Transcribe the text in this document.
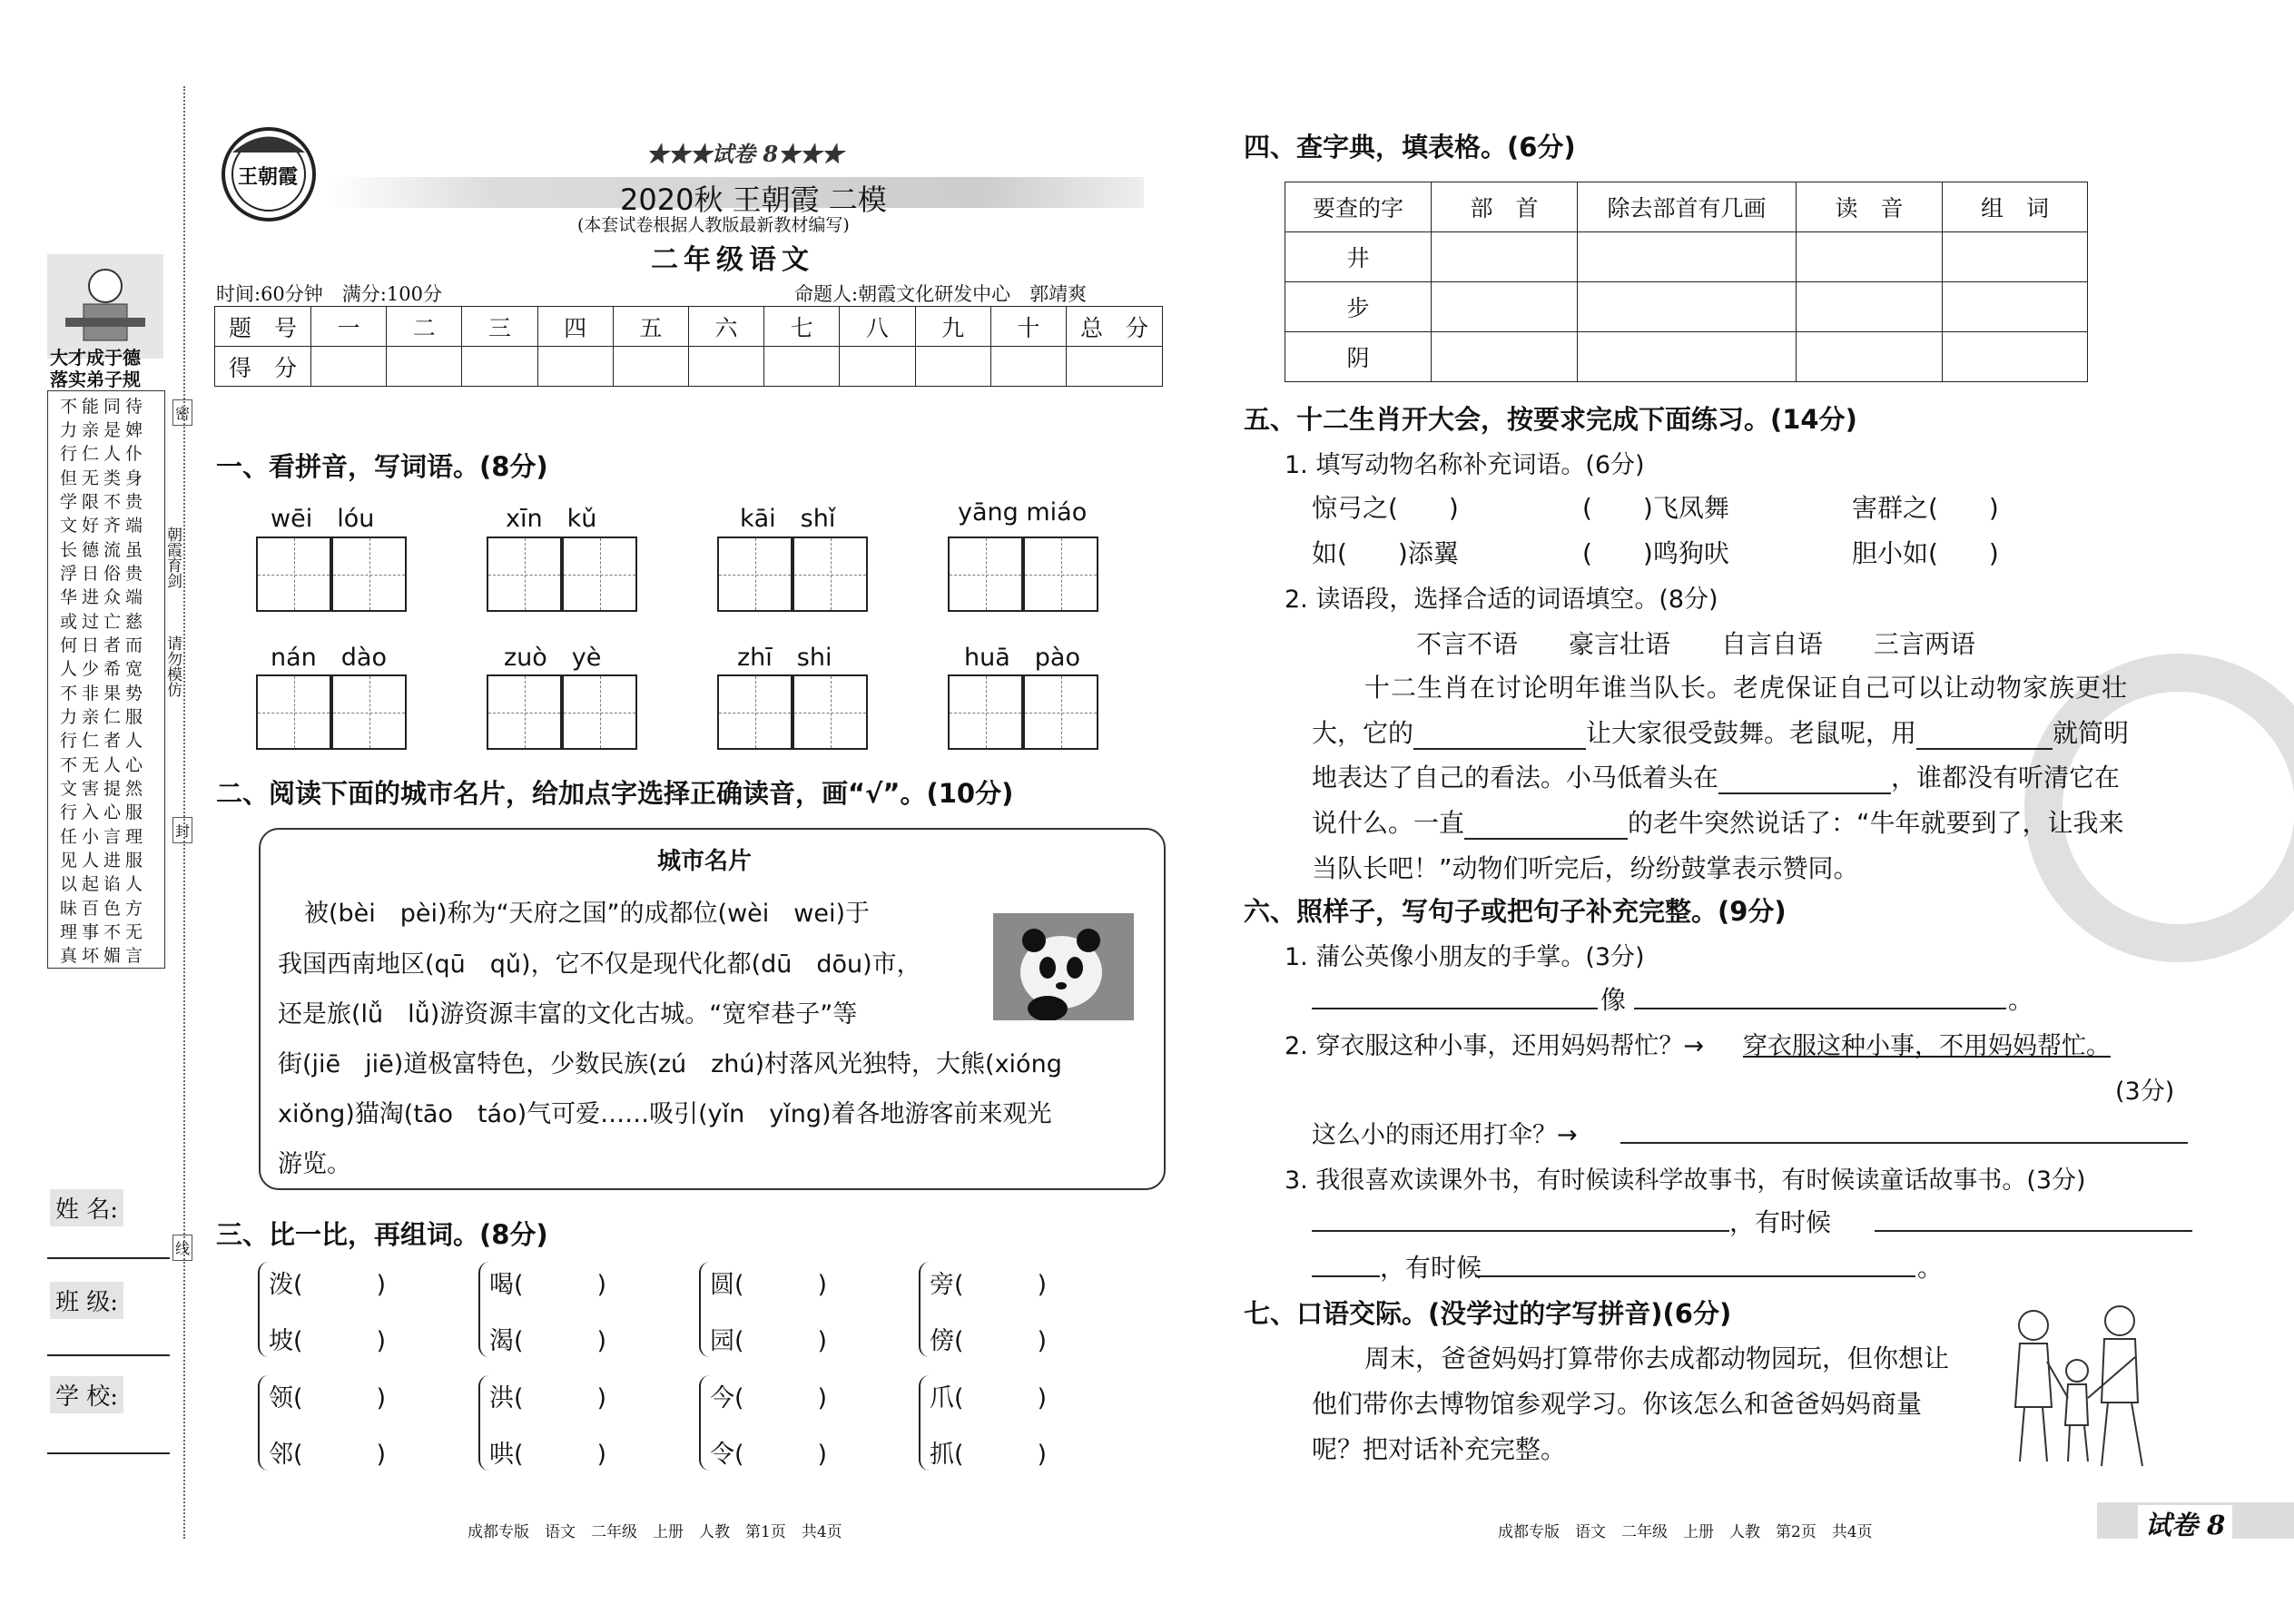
大才成于德
落实弟子规
不能同待
力亲是婢
行仁人仆
但无类身
学限不贵
文好齐端
长德流虽
浮日俗贵
华进众端
或过亡慈
何日者而
人少希宽
不非果势
力亲仁服
行仁者人
不无人心
文害提然
行入心服
任小言理
见人进服
以起谄人
昧百色方
理事不无
真坏媚言
朝霞育剑
请勿模仿
密
封
线
姓 名:
班 级:
学 校:
王朝霞
★★★试卷 8★★★
2020秋 王朝霞 二模
(本套试卷根据人教版最新教材编写)
二年级语文
时间:60分钟　满分:100分	命题人:朝霞文化研发中心　郭靖爽
题　号	一	二	三	四	五	六	七	八	九	十	总　分
得　分											
一、看拼音，写词语。(8分)
wēi　lóu	xīn　kǔ	kāi　shǐ	yāng miáo
nán　dào	zuò　yè	zhī　shi	huā　pào
二、阅读下面的城市名片，给加点字选择正确读音，画“√”。(10分)
城市名片
　被(bèi　pèi)称为“天府之国”的成都位(wèi　wei)于
我国西南地区(qū　qǔ)，它不仅是现代化都(dū　dōu)市，
还是旅(lǚ　lǚ)游资源丰富的文化古城。“宽窄巷子”等
街(jiē　jiē)道极富特色，少数民族(zú　zhú)村落风光独特，大熊(xióng
xiǒng)猫淘(tāo　táo)气可爱……吸引(yǐn　yǐng)着各地游客前来观光
游览。
三、比一比，再组词。(8分)
泼(　　　)
坡(　　　)
喝(　　　)
渴(　　　)
圆(　　　)
园(　　　)
旁(　　　)
傍(　　　)
领(　　　)
邻(　　　)
洪(　　　)
哄(　　　)
今(　　　)
令(　　　)
爪(　　　)
抓(　　　)
成都专版　语文　二年级　上册　人教　第1页　共4页
四、查字典，填表格。(6分)
要查的字	部　首	除去部首有几画	读　音	组　词
井				
步				
阴				
五、十二生肖开大会，按要求完成下面练习。(14分)
1. 填写动物名称补充词语。(6分)
惊弓之(　　)	(　　)飞凤舞	害群之(　　)
如(　　)添翼	(　　)鸣狗吠	胆小如(　　)
2. 读语段，选择合适的词语填空。(8分)
不言不语　　豪言壮语　　自言自语　　三言两语
十二生肖在讨论明年谁当队长。老虎保证自己可以让动物家族更壮
大，它的	让大家很受鼓舞。老鼠呢，用	就简明
地表达了自己的看法。小马低着头在	，谁都没有听清它在
说什么。一直	的老牛突然说话了：“牛年就要到了，让我来
当队长吧！”动物们听完后，纷纷鼓掌表示赞同。
六、照样子，写句子或把句子补充完整。(9分)
1. 蒲公英像小朋友的手掌。(3分)
像	。
2. 穿衣服这种小事，还用妈妈帮忙？→ 穿衣服这种小事，不用妈妈帮忙。
(3分)
这么小的雨还用打伞？→
3. 我很喜欢读课外书，有时候读科学故事书，有时候读童话故事书。(3分)
，有时候
，有时候	。
七、口语交际。(没学过的字写拼音)(6分)
周末，爸爸妈妈打算带你去成都动物园玩，但你想让
他们带你去博物馆参观学习。你该怎么和爸爸妈妈商量
呢？把对话补充完整。
成都专版　语文　二年级　上册　人教　第2页　共4页	试卷 8
